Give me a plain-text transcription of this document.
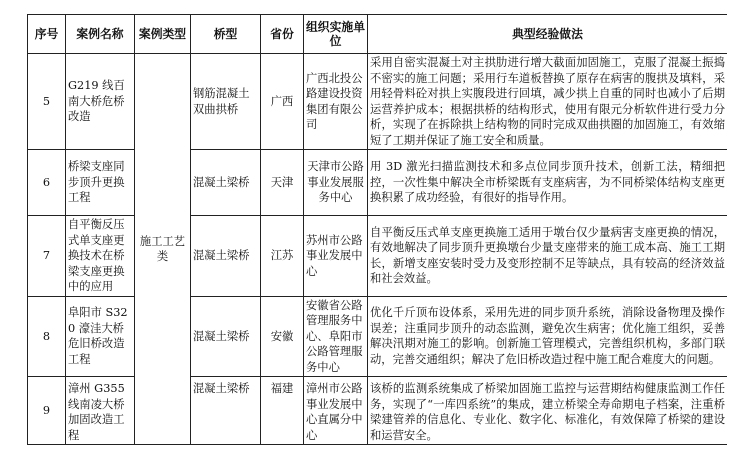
序号	案例名称	案例类型	桥型	省份	组织实施单位	典型经验做法
5	G219 线百南大桥危桥改造	施工工艺类	钢筋混凝土双曲拱桥	广西	广西北投公路建设投资集团有限公司	采用自密实混凝土对主拱肋进行增大截面加固施工，克服了混凝土振捣不密实的施工问题；采用行车道板替换了原存在病害的腹拱及填料，采用轻骨料砼对拱上实腹段进行回填，减少拱上自重的同时也减小了后期运营养护成本；根据拱桥的结构形式，使用有限元分析软件进行受力分析，实现了在拆除拱上结构物的同时完成双曲拱圈的加固施工，有效缩短了工期并保证了施工安全和质量。
6	桥梁支座同步顶升更换工程		混凝土梁桥	天津	天津市公路事业发展服务中心	用 3D 激光扫描监测技术和多点位同步顶升技术，创新工法，精细把控，一次性集中解决全市桥梁既有支座病害，为不同桥梁体结构支座更换积累了成功经验，有很好的指导作用。
7	自平衡反压式单支座更换技术在桥梁支座更换中的应用		混凝土梁桥	江苏	苏州市公路事业发展中心	自平衡反压式单支座更换施工适用于墩台仅少量病害支座更换的情况，有效地解决了同步顶升更换墩台少量支座带来的施工成本高、施工工期长，新增支座安装时受力及变形控制不足等缺点，具有较高的经济效益和社会效益。
8	阜阳市 S320 濠洼大桥危旧桥改造工程		混凝土梁桥	安徽	安徽省公路管理服务中心、阜阳市公路管理服务中心	优化千斤顶布设体系，采用先进的同步顶升系统，消除设备物理及操作误差；注重同步顶升的动态监测，避免次生病害；优化施工组织，妥善解决汛期对施工的影响。创新施工管理模式，完善组织机构，多部门联动，完善交通组织；解决了危旧桥改造过程中施工配合难度大的问题。
9	漳州 G355 线南凌大桥加固改造工程		混凝土梁桥	福建	漳州市公路事业发展中心直属分中心	该桥的监测系统集成了桥梁加固施工监控与运营期结构健康监测工作任务，实现了“一库四系统”的集成，建立桥梁全寿命期电子档案，注重桥梁建管养的信息化、专业化、数字化、标准化，有效保障了桥梁的建设和运营安全。
